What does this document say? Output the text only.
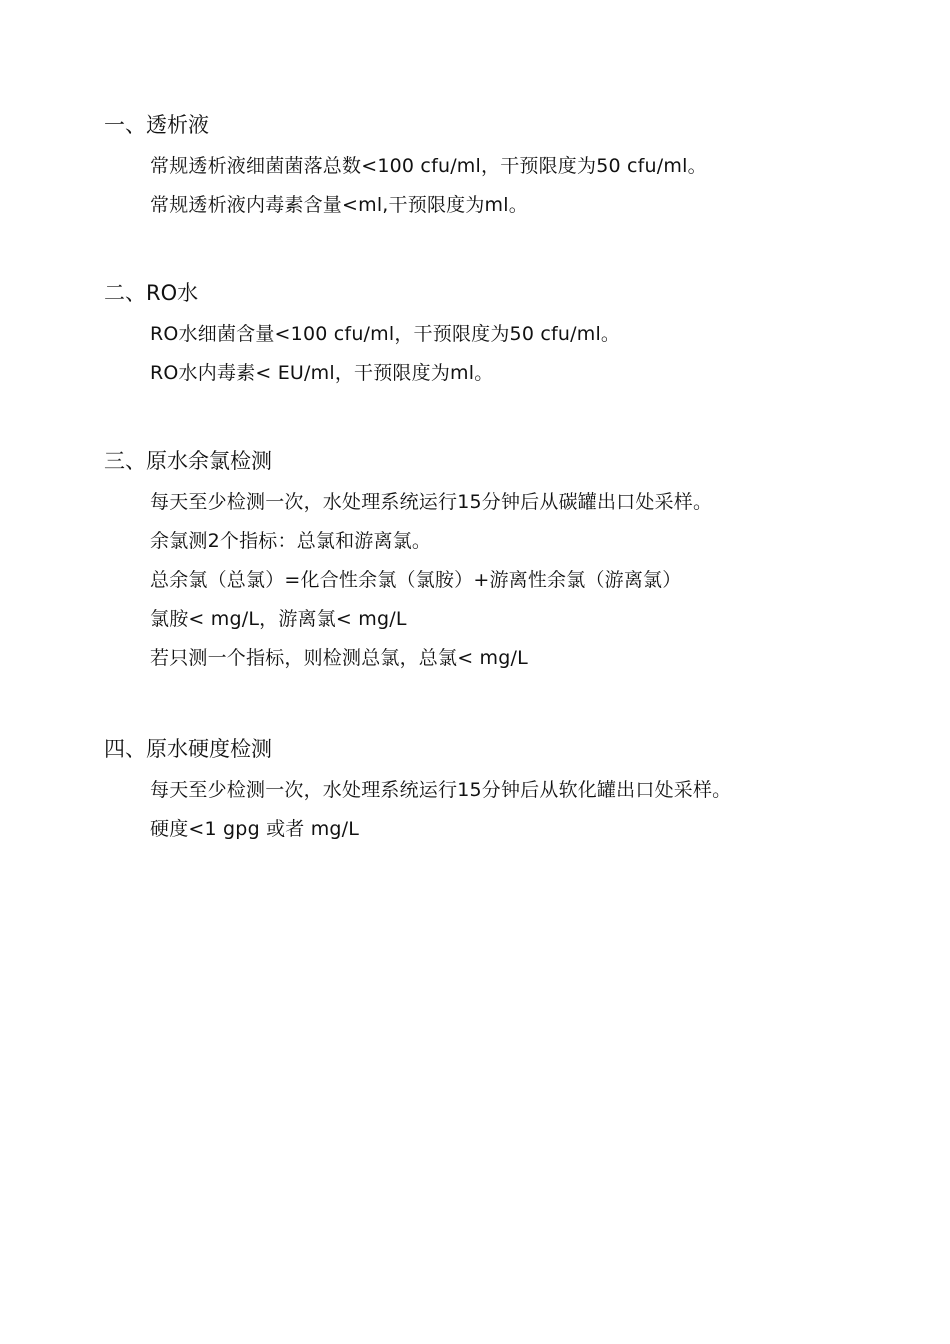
一、透析液
常规透析液细菌菌落总数<100 cfu/ml，干预限度为50 cfu/ml。
常规透析液内毒素含量<ml,干预限度为ml。
二、RO水
RO水细菌含量<100 cfu/ml，干预限度为50 cfu/ml。
RO水内毒素< EU/ml，干预限度为ml。
三、原水余氯检测
每天至少检测一次，水处理系统运行15分钟后从碳罐出口处采样。
余氯测2个指标：总氯和游离氯。
总余氯（总氯）=化合性余氯（氯胺）+游离性余氯（游离氯）
氯胺< mg/L，游离氯< mg/L
若只测一个指标，则检测总氯，总氯< mg/L
四、原水硬度检测
每天至少检测一次，水处理系统运行15分钟后从软化罐出口处采样。
硬度<1 gpg 或者 mg/L
